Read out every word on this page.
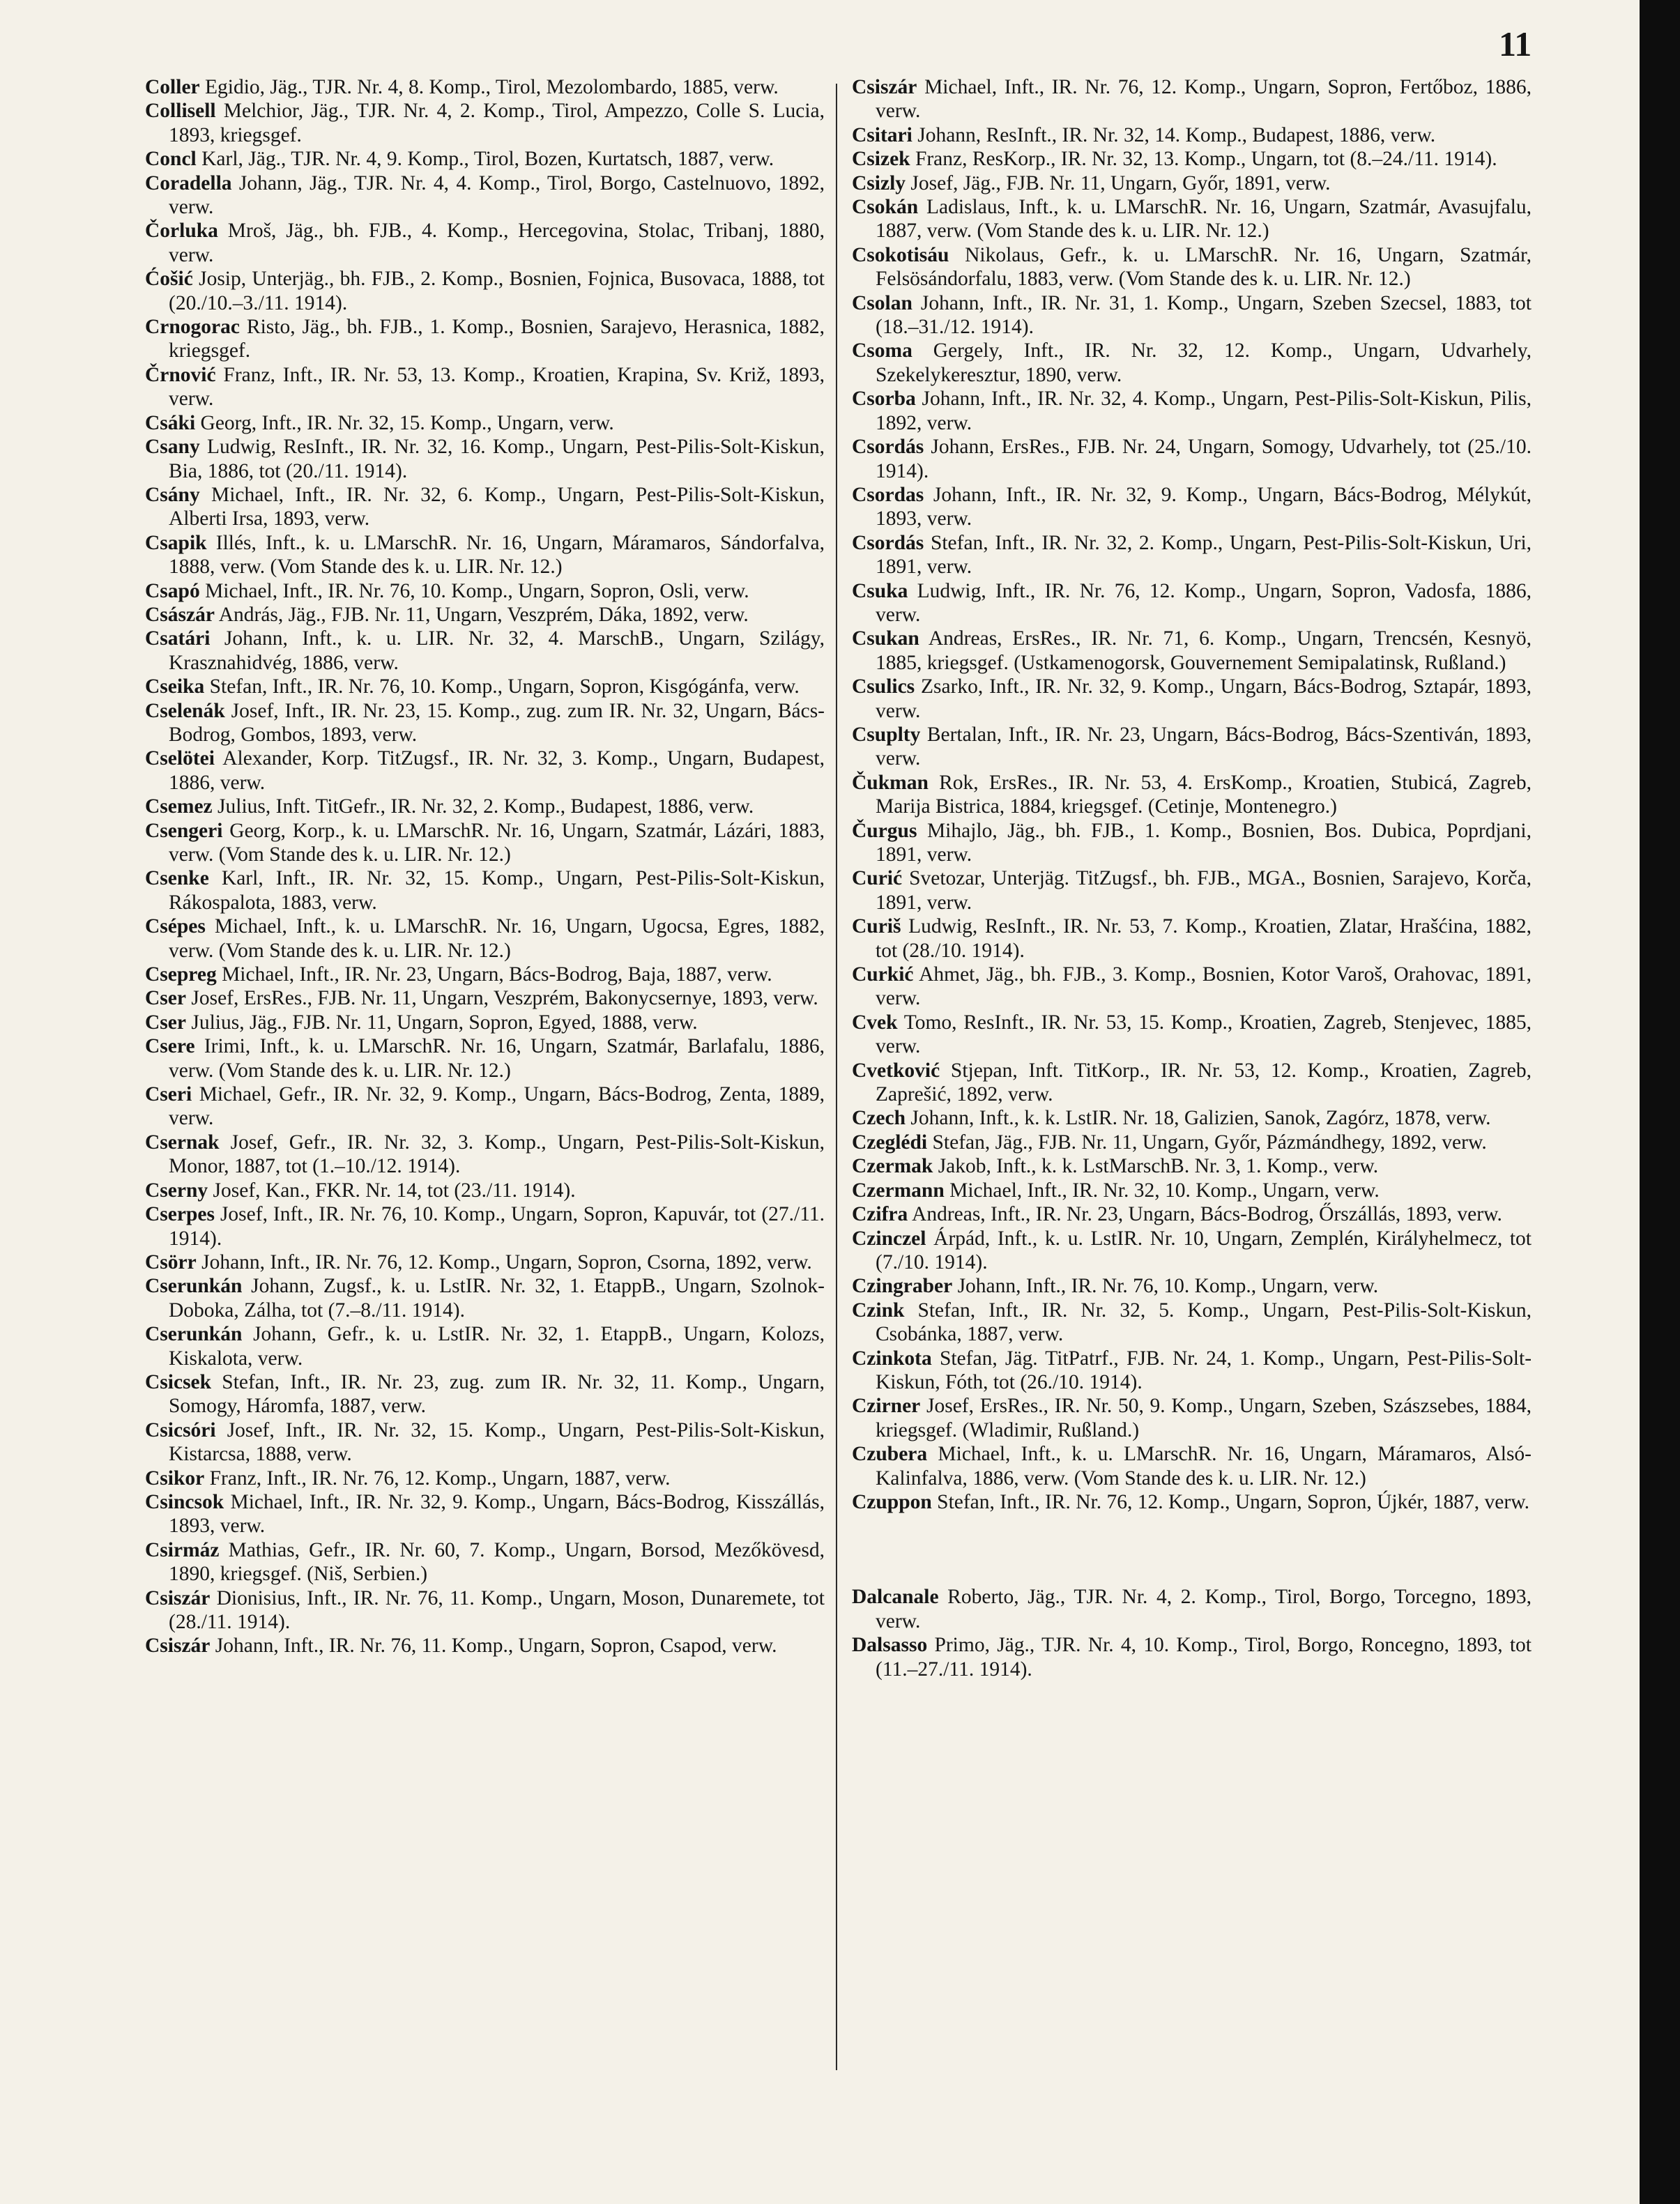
11

Coller Egidio, Jäg., TJR. Nr. 4, 8. Komp., Tirol, Mezolombardo, 1885, verw.

Collisell Melchior, Jäg., TJR. Nr. 4, 2. Komp., Tirol, Ampezzo, Colle S. Lucia, 1893, kriegsgef.

Concl Karl, Jäg., TJR. Nr. 4, 9. Komp., Tirol, Bozen, Kurtatsch, 1887, verw.

Coradella Johann, Jäg., TJR. Nr. 4, 4. Komp., Tirol, Borgo, Castelnuovo, 1892, verw.

Čorluka Mroš, Jäg., bh. FJB., 4. Komp., Hercegovina, Stolac, Tribanj, 1880, verw.

Ćošić Josip, Unterjäg., bh. FJB., 2. Komp., Bosnien, Fojnica, Busovaca, 1888, tot (20./10.–3./11. 1914).

Crnogorac Risto, Jäg., bh. FJB., 1. Komp., Bosnien, Sarajevo, Herasnica, 1882, kriegsgef.

Črnović Franz, Inft., IR. Nr. 53, 13. Komp., Kroatien, Krapina, Sv. Križ, 1893, verw.

Csáki Georg, Inft., IR. Nr. 32, 15. Komp., Ungarn, verw.

Csany Ludwig, ResInft., IR. Nr. 32, 16. Komp., Ungarn, Pest-Pilis-Solt-Kiskun, Bia, 1886, tot (20./11. 1914).

Csány Michael, Inft., IR. Nr. 32, 6. Komp., Ungarn, Pest-Pilis-Solt-Kiskun, Alberti Irsa, 1893, verw.

Csapik Illés, Inft., k. u. LMarschR. Nr. 16, Ungarn, Máramaros, Sándorfalva, 1888, verw. (Vom Stande des k. u. LIR. Nr. 12.)

Csapó Michael, Inft., IR. Nr. 76, 10. Komp., Ungarn, Sopron, Osli, verw.

Császár András, Jäg., FJB. Nr. 11, Ungarn, Veszprém, Dáka, 1892, verw.

Csatári Johann, Inft., k. u. LIR. Nr. 32, 4. MarschB., Ungarn, Szilágy, Krasznahidvég, 1886, verw.

Cseika Stefan, Inft., IR. Nr. 76, 10. Komp., Ungarn, Sopron, Kisgógánfa, verw.

Cselenák Josef, Inft., IR. Nr. 23, 15. Komp., zug. zum IR. Nr. 32, Ungarn, Bács-Bodrog, Gombos, 1893, verw.

Cselötei Alexander, Korp. TitZugsf., IR. Nr. 32, 3. Komp., Ungarn, Budapest, 1886, verw.

Csemez Julius, Inft. TitGefr., IR. Nr. 32, 2. Komp., Budapest, 1886, verw.

Csengeri Georg, Korp., k. u. LMarschR. Nr. 16, Ungarn, Szatmár, Lázári, 1883, verw. (Vom Stande des k. u. LIR. Nr. 12.)

Csenke Karl, Inft., IR. Nr. 32, 15. Komp., Ungarn, Pest-Pilis-Solt-Kiskun, Rákospalota, 1883, verw.

Csépes Michael, Inft., k. u. LMarschR. Nr. 16, Ungarn, Ugocsa, Egres, 1882, verw. (Vom Stande des k. u. LIR. Nr. 12.)

Csepreg Michael, Inft., IR. Nr. 23, Ungarn, Bács-Bodrog, Baja, 1887, verw.

Cser Josef, ErsRes., FJB. Nr. 11, Ungarn, Veszprém, Bakonycsernye, 1893, verw.

Cser Julius, Jäg., FJB. Nr. 11, Ungarn, Sopron, Egyed, 1888, verw.

Csere Irimi, Inft., k. u. LMarschR. Nr. 16, Ungarn, Szatmár, Barlafalu, 1886, verw. (Vom Stande des k. u. LIR. Nr. 12.)

Cseri Michael, Gefr., IR. Nr. 32, 9. Komp., Ungarn, Bács-Bodrog, Zenta, 1889, verw.

Csernak Josef, Gefr., IR. Nr. 32, 3. Komp., Ungarn, Pest-Pilis-Solt-Kiskun, Monor, 1887, tot (1.–10./12. 1914).

Cserny Josef, Kan., FKR. Nr. 14, tot (23./11. 1914).

Cserpes Josef, Inft., IR. Nr. 76, 10. Komp., Ungarn, Sopron, Kapuvár, tot (27./11. 1914).

Csörr Johann, Inft., IR. Nr. 76, 12. Komp., Ungarn, Sopron, Csorna, 1892, verw.

Cserunkán Johann, Zugsf., k. u. LstIR. Nr. 32, 1. EtappB., Ungarn, Szolnok-Doboka, Zálha, tot (7.–8./11. 1914).

Cserunkán Johann, Gefr., k. u. LstIR. Nr. 32, 1. EtappB., Ungarn, Kolozs, Kiskalota, verw.

Csicsek Stefan, Inft., IR. Nr. 23, zug. zum IR. Nr. 32, 11. Komp., Ungarn, Somogy, Háromfa, 1887, verw.

Csicsóri Josef, Inft., IR. Nr. 32, 15. Komp., Ungarn, Pest-Pilis-Solt-Kiskun, Kistarcsa, 1888, verw.

Csikor Franz, Inft., IR. Nr. 76, 12. Komp., Ungarn, 1887, verw.

Csincsok Michael, Inft., IR. Nr. 32, 9. Komp., Ungarn, Bács-Bodrog, Kisszállás, 1893, verw.

Csirmáz Mathias, Gefr., IR. Nr. 60, 7. Komp., Ungarn, Borsod, Mezőkövesd, 1890, kriegsgef. (Niš, Serbien.)

Csiszár Dionisius, Inft., IR. Nr. 76, 11. Komp., Ungarn, Moson, Dunaremete, tot (28./11. 1914).

Csiszár Johann, Inft., IR. Nr. 76, 11. Komp., Ungarn, Sopron, Csapod, verw.

Csiszár Michael, Inft., IR. Nr. 76, 12. Komp., Ungarn, Sopron, Fertőboz, 1886, verw.

Csitari Johann, ResInft., IR. Nr. 32, 14. Komp., Budapest, 1886, verw.

Csizek Franz, ResKorp., IR. Nr. 32, 13. Komp., Ungarn, tot (8.–24./11. 1914).

Csizly Josef, Jäg., FJB. Nr. 11, Ungarn, Győr, 1891, verw.

Csokán Ladislaus, Inft., k. u. LMarschR. Nr. 16, Ungarn, Szatmár, Avasujfalu, 1887, verw. (Vom Stande des k. u. LIR. Nr. 12.)

Csokotisáu Nikolaus, Gefr., k. u. LMarschR. Nr. 16, Ungarn, Szatmár, Felsösándorfalu, 1883, verw. (Vom Stande des k. u. LIR. Nr. 12.)

Csolan Johann, Inft., IR. Nr. 31, 1. Komp., Ungarn, Szeben Szecsel, 1883, tot (18.–31./12. 1914).

Csoma Gergely, Inft., IR. Nr. 32, 12. Komp., Ungarn, Udvarhely, Szekelykeresztur, 1890, verw.

Csorba Johann, Inft., IR. Nr. 32, 4. Komp., Ungarn, Pest-Pilis-Solt-Kiskun, Pilis, 1892, verw.

Csordás Johann, ErsRes., FJB. Nr. 24, Ungarn, Somogy, Udvarhely, tot (25./10. 1914).

Csordas Johann, Inft., IR. Nr. 32, 9. Komp., Ungarn, Bács-Bodrog, Mélykút, 1893, verw.

Csordás Stefan, Inft., IR. Nr. 32, 2. Komp., Ungarn, Pest-Pilis-Solt-Kiskun, Uri, 1891, verw.

Csuka Ludwig, Inft., IR. Nr. 76, 12. Komp., Ungarn, Sopron, Vadosfa, 1886, verw.

Csukan Andreas, ErsRes., IR. Nr. 71, 6. Komp., Ungarn, Trencsén, Kesnyö, 1885, kriegsgef. (Ustkamenogorsk, Gouvernement Semipalatinsk, Rußland.)

Csulics Zsarko, Inft., IR. Nr. 32, 9. Komp., Ungarn, Bács-Bodrog, Sztapár, 1893, verw.

Csuplty Bertalan, Inft., IR. Nr. 23, Ungarn, Bács-Bodrog, Bács-Szentiván, 1893, verw.

Čukman Rok, ErsRes., IR. Nr. 53, 4. ErsKomp., Kroatien, Stubicá, Zagreb, Marija Bistrica, 1884, kriegsgef. (Cetinje, Montenegro.)

Čurgus Mihajlo, Jäg., bh. FJB., 1. Komp., Bosnien, Bos. Dubica, Poprdjani, 1891, verw.

Curić Svetozar, Unterjäg. TitZugsf., bh. FJB., MGA., Bosnien, Sarajevo, Korča, 1891, verw.

Curiš Ludwig, ResInft., IR. Nr. 53, 7. Komp., Kroatien, Zlatar, Hrašćina, 1882, tot (28./10. 1914).

Curkić Ahmet, Jäg., bh. FJB., 3. Komp., Bosnien, Kotor Varoš, Orahovac, 1891, verw.

Cvek Tomo, ResInft., IR. Nr. 53, 15. Komp., Kroatien, Zagreb, Stenjevec, 1885, verw.

Cvetković Stjepan, Inft. TitKorp., IR. Nr. 53, 12. Komp., Kroatien, Zagreb, Zaprešić, 1892, verw.

Czech Johann, Inft., k. k. LstIR. Nr. 18, Galizien, Sanok, Zagórz, 1878, verw.

Czeglédi Stefan, Jäg., FJB. Nr. 11, Ungarn, Győr, Pázmándhegy, 1892, verw.

Czermak Jakob, Inft., k. k. LstMarschB. Nr. 3, 1. Komp., verw.

Czermann Michael, Inft., IR. Nr. 32, 10. Komp., Ungarn, verw.

Czifra Andreas, Inft., IR. Nr. 23, Ungarn, Bács-Bodrog, Őrszállás, 1893, verw.

Czinczel Árpád, Inft., k. u. LstIR. Nr. 10, Ungarn, Zemplén, Királyhelmecz, tot (7./10. 1914).

Czingraber Johann, Inft., IR. Nr. 76, 10. Komp., Ungarn, verw.

Czink Stefan, Inft., IR. Nr. 32, 5. Komp., Ungarn, Pest-Pilis-Solt-Kiskun, Csobánka, 1887, verw.

Czinkota Stefan, Jäg. TitPatrf., FJB. Nr. 24, 1. Komp., Ungarn, Pest-Pilis-Solt-Kiskun, Fóth, tot (26./10. 1914).

Czirner Josef, ErsRes., IR. Nr. 50, 9. Komp., Ungarn, Szeben, Szászsebes, 1884, kriegsgef. (Wladimir, Rußland.)

Czubera Michael, Inft., k. u. LMarschR. Nr. 16, Ungarn, Máramaros, Alsó-Kalinfalva, 1886, verw. (Vom Stande des k. u. LIR. Nr. 12.)

Czuppon Stefan, Inft., IR. Nr. 76, 12. Komp., Ungarn, Sopron, Újkér, 1887, verw.

Dalcanale Roberto, Jäg., TJR. Nr. 4, 2. Komp., Tirol, Borgo, Torcegno, 1893, verw.

Dalsasso Primo, Jäg., TJR. Nr. 4, 10. Komp., Tirol, Borgo, Roncegno, 1893, tot (11.–27./11. 1914).
